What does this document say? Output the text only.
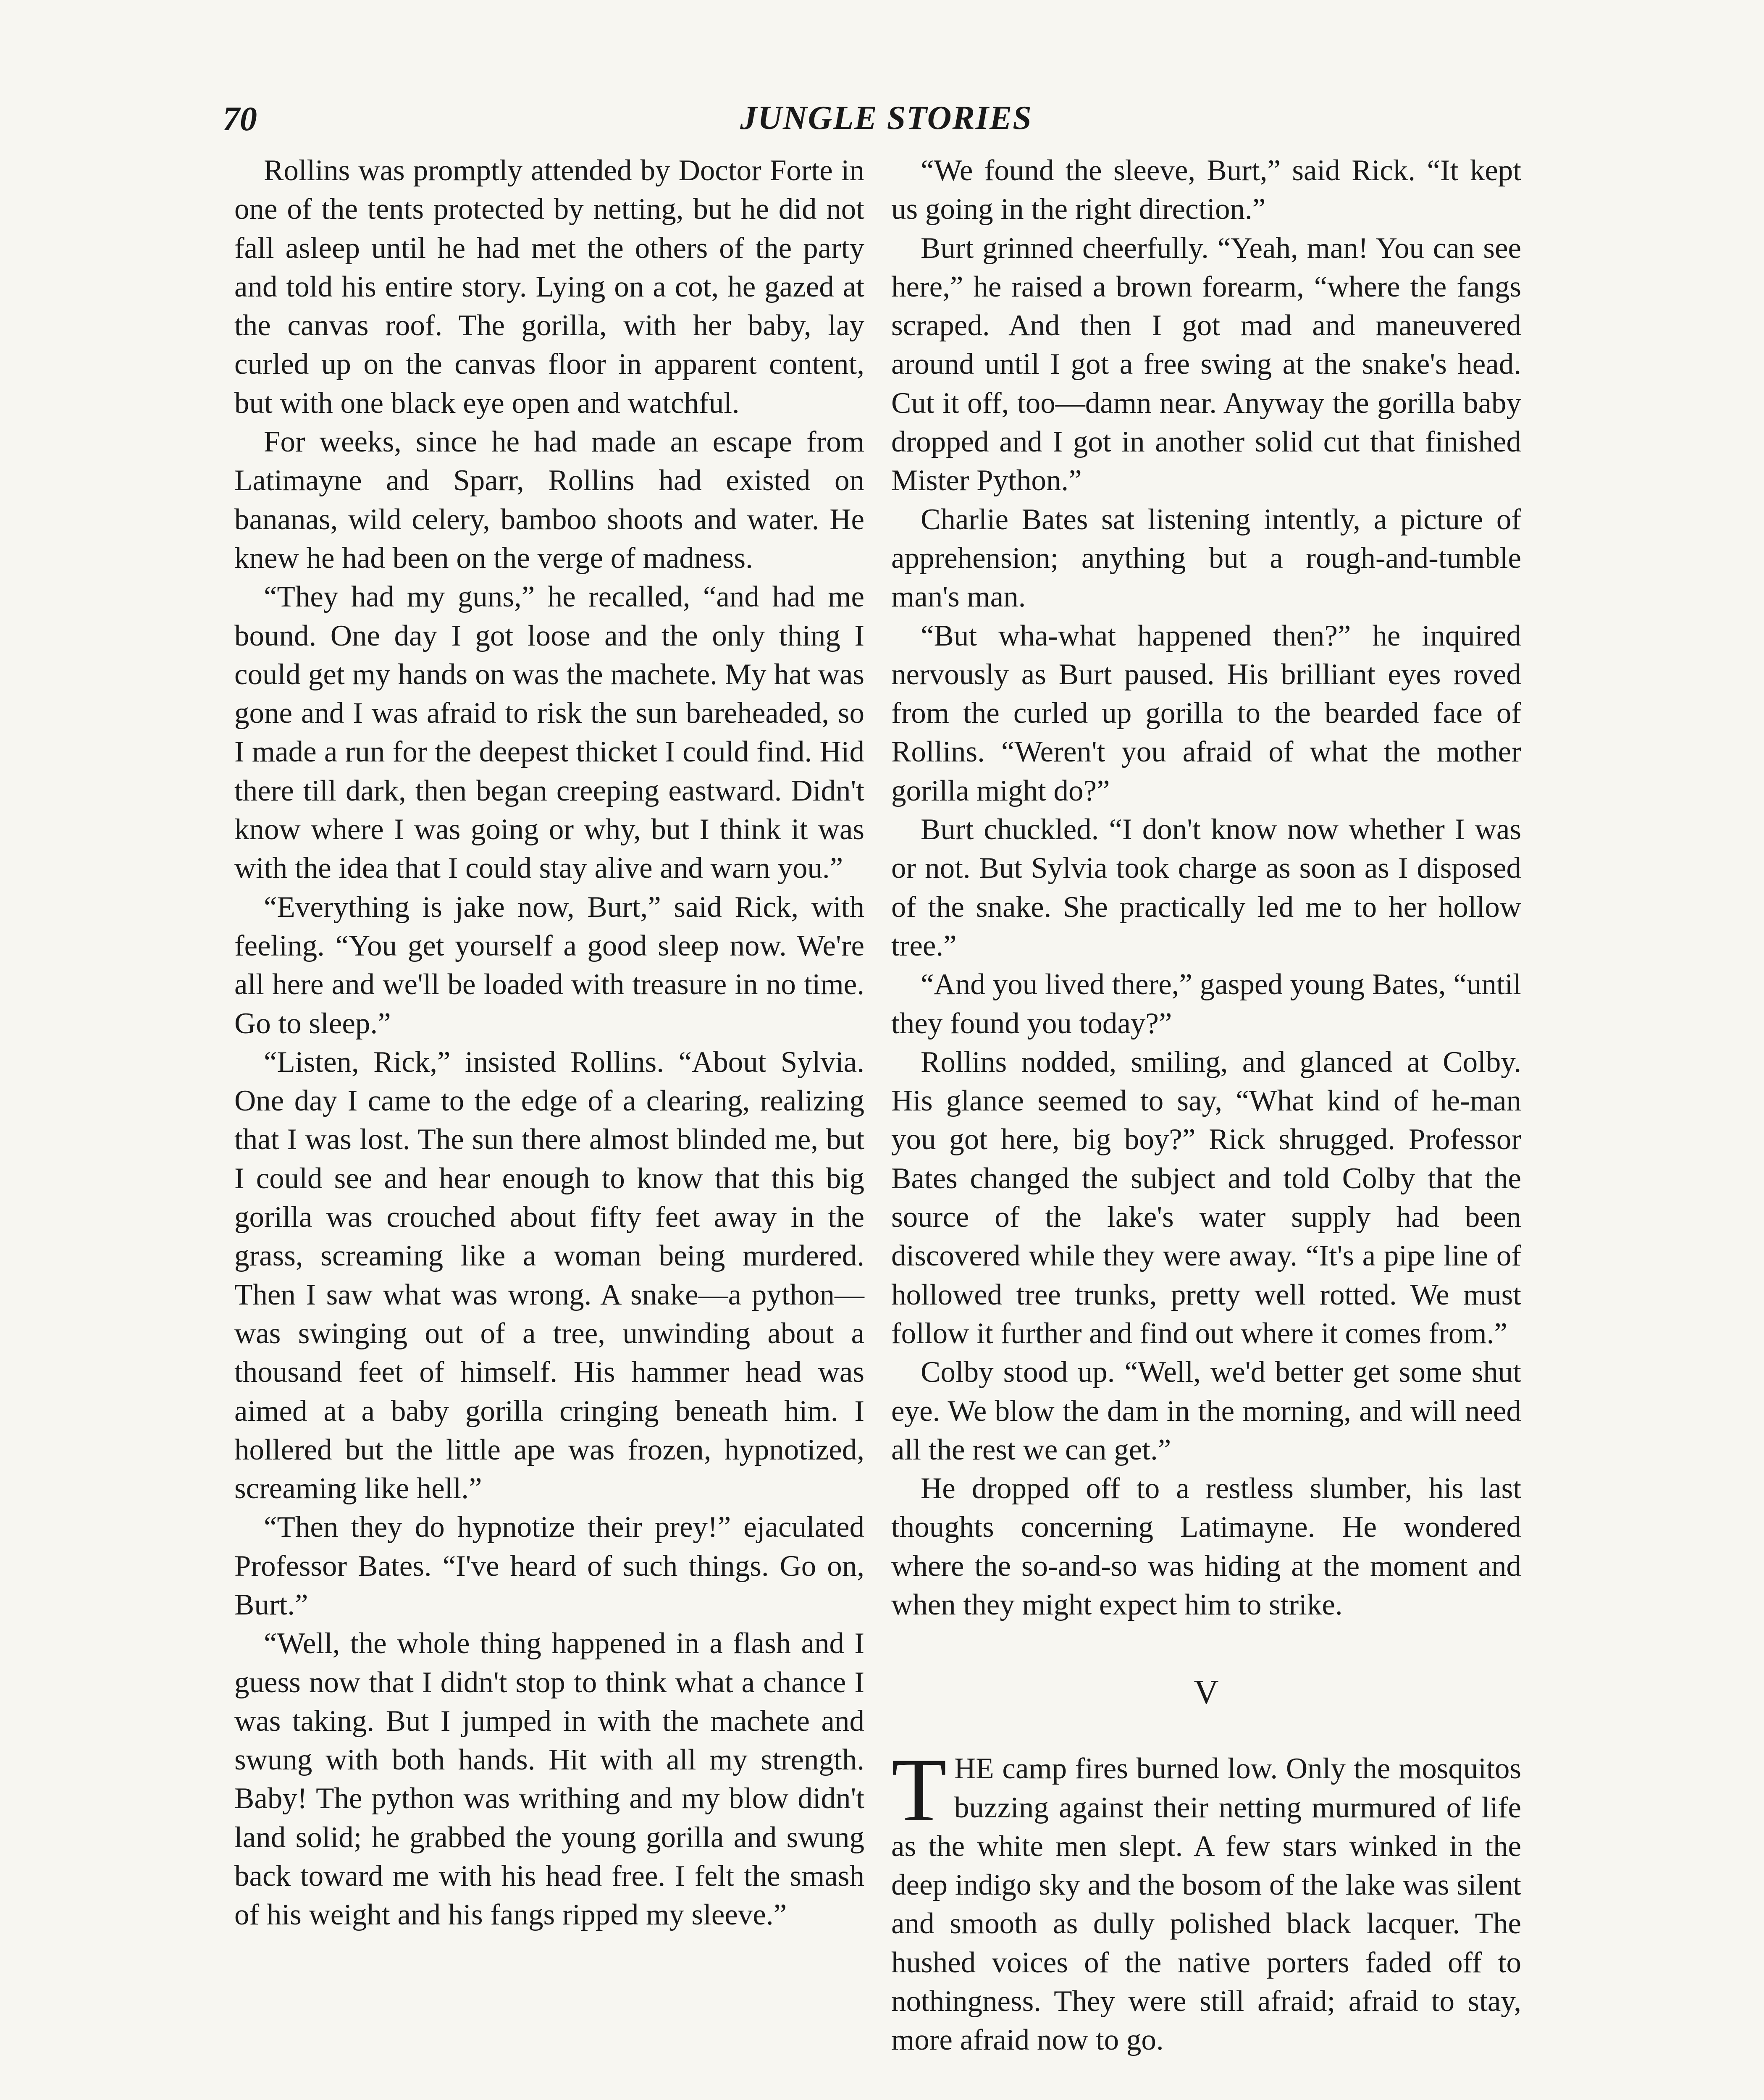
70	JUNGLE STORIES

Rollins was promptly attended by Doctor Forte in one of the tents protected by netting, but he did not fall asleep until he had met the others of the party and told his entire story. Lying on a cot, he gazed at the canvas roof. The gorilla, with her baby, lay curled up on the canvas floor in apparent content, but with one black eye open and watchful.

For weeks, since he had made an escape from Latimayne and Sparr, Rollins had existed on bananas, wild celery, bamboo shoots and water. He knew he had been on the verge of madness.

“They had my guns,” he recalled, “and had me bound. One day I got loose and the only thing I could get my hands on was the machete. My hat was gone and I was afraid to risk the sun bareheaded, so I made a run for the deepest thicket I could find. Hid there till dark, then began creeping eastward. Didn't know where I was going or why, but I think it was with the idea that I could stay alive and warn you.”

“Everything is jake now, Burt,” said Rick, with feeling. “You get yourself a good sleep now. We're all here and we'll be loaded with treasure in no time. Go to sleep.”

“Listen, Rick,” insisted Rollins. “About Sylvia. One day I came to the edge of a clearing, realizing that I was lost. The sun there almost blinded me, but I could see and hear enough to know that this big gorilla was crouched about fifty feet away in the grass, screaming like a woman being murdered. Then I saw what was wrong. A snake—a python—was swinging out of a tree, unwinding about a thousand feet of himself. His hammer head was aimed at a baby gorilla cringing beneath him. I hollered but the little ape was frozen, hypnotized, screaming like hell.”

“Then they do hypnotize their prey!” ejaculated Professor Bates. “I've heard of such things. Go on, Burt.”

“Well, the whole thing happened in a flash and I guess now that I didn't stop to think what a chance I was taking. But I jumped in with the machete and swung with both hands. Hit with all my strength. Baby! The python was writhing and my blow didn't land solid; he grabbed the young gorilla and swung back toward me with his head free. I felt the smash of his weight and his fangs ripped my sleeve.”

“We found the sleeve, Burt,” said Rick. “It kept us going in the right direction.”

Burt grinned cheerfully. “Yeah, man! You can see here,” he raised a brown forearm, “where the fangs scraped. And then I got mad and maneuvered around until I got a free swing at the snake's head. Cut it off, too—damn near. Anyway the gorilla baby dropped and I got in another solid cut that finished Mister Python.”

Charlie Bates sat listening intently, a picture of apprehension; anything but a rough-and-tumble man's man.

“But wha-what happened then?” he inquired nervously as Burt paused. His brilliant eyes roved from the curled up gorilla to the bearded face of Rollins. “Weren't you afraid of what the mother gorilla might do?”

Burt chuckled. “I don't know now whether I was or not. But Sylvia took charge as soon as I disposed of the snake. She practically led me to her hollow tree.”

“And you lived there,” gasped young Bates, “until they found you today?”

Rollins nodded, smiling, and glanced at Colby. His glance seemed to say, “What kind of he-man you got here, big boy?” Rick shrugged. Professor Bates changed the subject and told Colby that the source of the lake's water supply had been discovered while they were away. “It's a pipe line of hollowed tree trunks, pretty well rotted. We must follow it further and find out where it comes from.”

Colby stood up. “Well, we'd better get some shut eye. We blow the dam in the morning, and will need all the rest we can get.”

He dropped off to a restless slumber, his last thoughts concerning Latimayne. He wondered where the so-and-so was hiding at the moment and when they might expect him to strike.

V

THE camp fires burned low. Only the mosquitos buzzing against their netting murmured of life as the white men slept. A few stars winked in the deep indigo sky and the bosom of the lake was silent and smooth as dully polished black lacquer. The hushed voices of the native porters faded off to nothingness. They were still afraid; afraid to stay, more afraid now to go.
